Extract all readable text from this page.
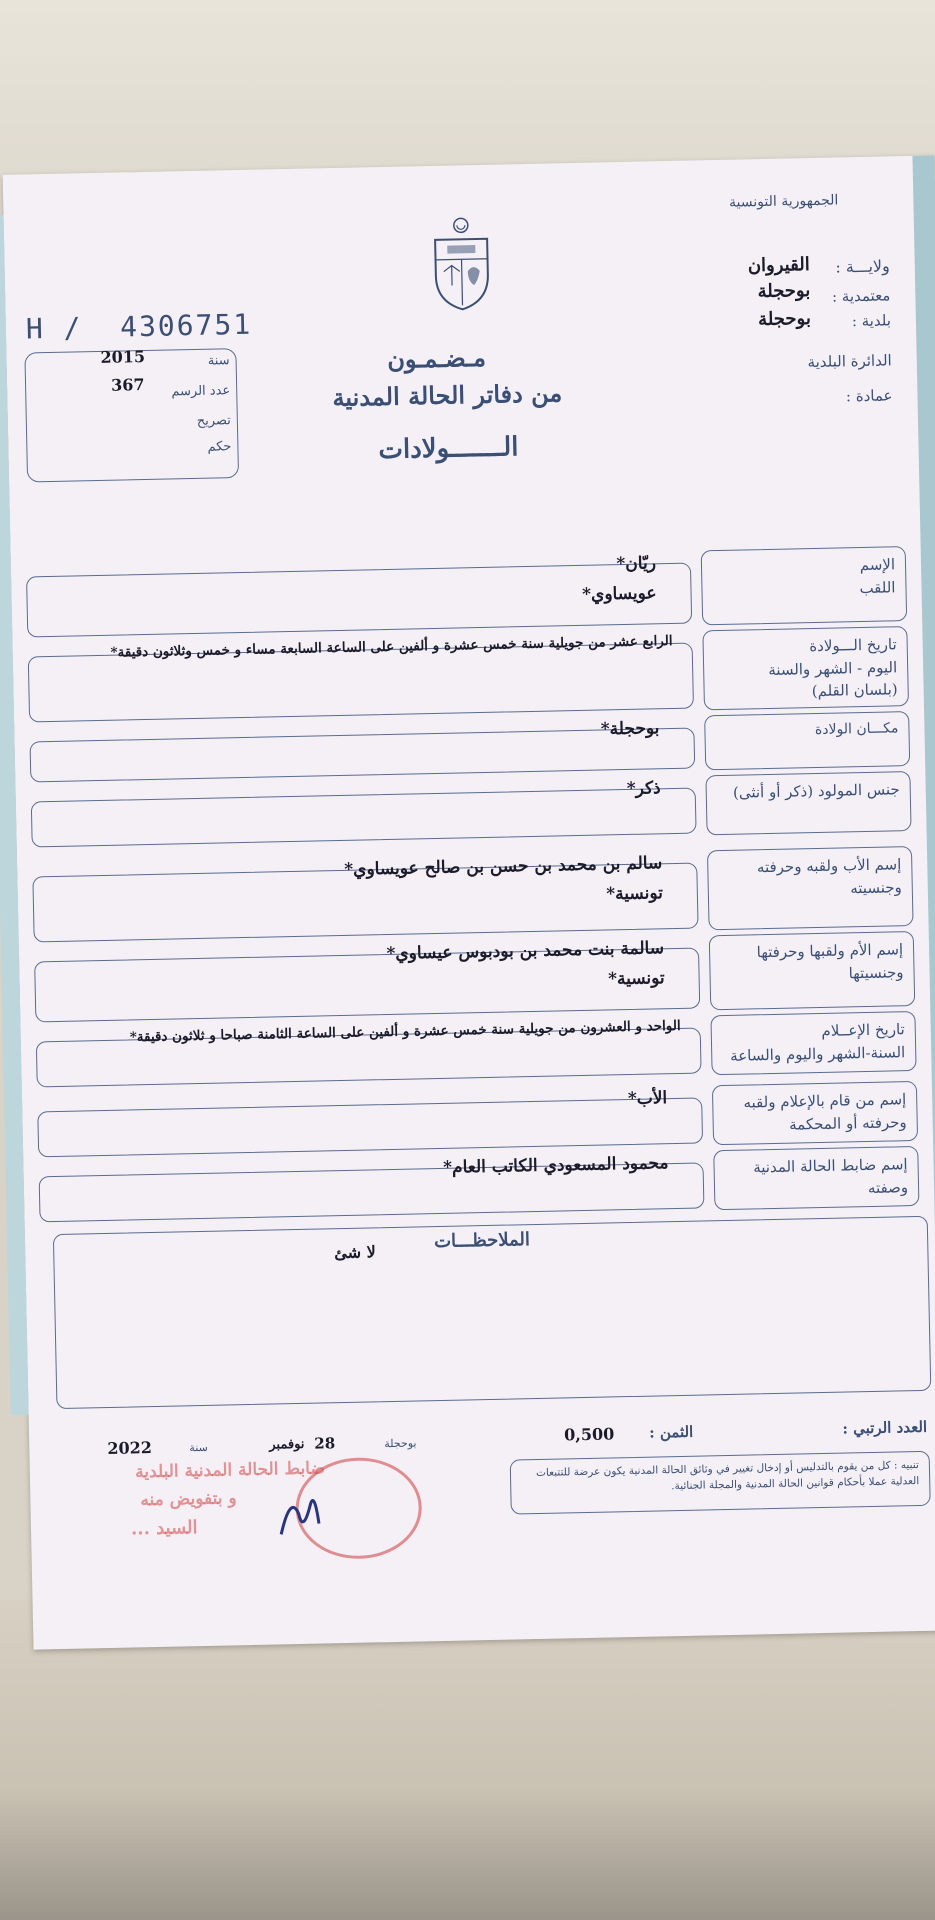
الجمهورية التونسية
ولايـــة :
القيروان
معتمدية :
بوحجلة
بلدية :
بوحجلة
الدائرة البلدية
عمادة :
H /  4306751
سنة
2015
عدد الرسم
367
تصريح
حكم
مـضـمـون
من دفاتر الحالة المدنية
الـــــــولادات
الإسم
اللقب
ريّان*
عويساوي*
تاريخ الـــولادة
اليوم - الشهر والسنة
(بلسان القلم)
الرابع عشر من جويلية سنة خمس عشرة و ألفين على الساعة السابعة مساء و خمس وثلاثون دقيقة*
مكـــان الولادة
بوحجلة*
جنس المولود (ذكر أو أنثى)
ذكر*
إسم الأب ولقبه وحرفته
وجنسيته
سالم بن محمد بن حسن بن صالح عويساوي*
تونسية*
إسم الأم ولقبها وحرفتها
وجنسيتها
سالمة بنت محمد بن بودبوس عيساوي*
تونسية*
تاريخ الإعــلام
السنة-الشهر واليوم والساعة
الواحد و العشرون من جويلية سنة خمس عشرة و ألفين على الساعة الثامنة صباحا و ثلاثون دقيقة*
إسم من قام بالإعلام ولقبه
وحرفته أو المحكمة
الأب*
إسم ضابط الحالة المدنية
وصفته
محمود المسعودي الكاتب العام*
الملاحظـــات
لا شئ
العدد الرتبي :
الثمن :
0,500
بوحجلة
28
نوفمبر
سنة
2022
تنبيه : كل من يقوم بالتدليس أو إدخال تغيير في وثائق الحالة المدنية يكون عرضة للتتبعات العدلية عملا بأحكام قوانين الحالة المدنية والمجلة الجنائية.
ضابط الحالة المدنية البلدية
و بتفويض منه
السيد ...
